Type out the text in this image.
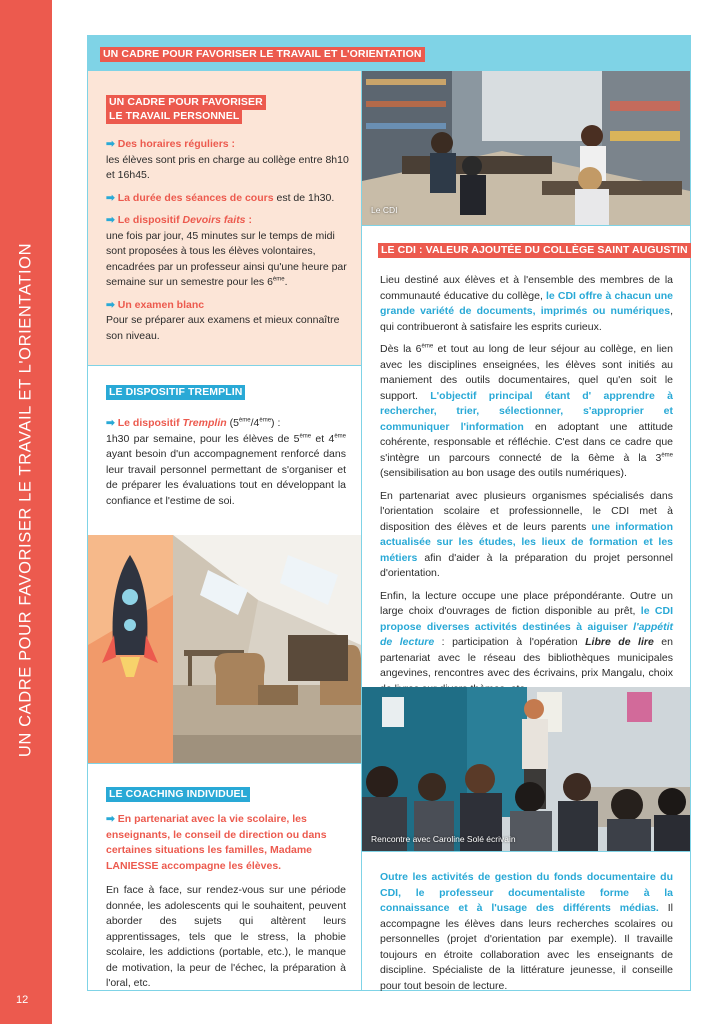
UN CADRE POUR FAVORISER LE TRAVAIL ET L'ORIENTATION
12
UN CADRE POUR FAVORISER LE TRAVAIL ET L'ORIENTATION
UN CADRE POUR FAVORISER
LE TRAVAIL PERSONNEL

➡ Des horaires réguliers :
les élèves sont pris en charge au collège entre 8h10 et 16h45.

➡ La durée des séances de cours est de 1h30.

➡ Le dispositif Devoirs faits :
une fois par jour, 45 minutes sur le temps de midi sont proposées à tous les élèves volontaires, encadrées par un professeur ainsi qu'une heure par semaine sur un semestre pour les 6ème.

➡ Un examen blanc
Pour se préparer aux examens et mieux connaître son niveau.

LE DISPOSITIF TREMPLIN
➡ Le dispositif Tremplin (5ème/4ème) :
1h30 par semaine, pour les élèves de 5ème et 4ème ayant besoin d'un accompagnement renforcé dans leur travail personnel permettant de s'organiser et de préparer les évaluations tout en développant la confiance et l'estime de soi.
LE COACHING INDIVIDUEL
➡ En partenariat avec la vie scolaire, les enseignants, le conseil de direction ou dans certaines situations les familles, Madame LANIESSE accompagne les élèves.
En face à face, sur rendez-vous sur une période donnée, les adolescents qui le souhaitent, peuvent aborder des sujets qui altèrent leurs apprentissages, tels que le stress, la phobie scolaire, les addictions (portable, etc.), le manque de motivation, la peur de l'échec, la préparation à l'oral, etc.
Le CDI
LE CDI : VALEUR AJOUTÉE DU COLLÈGE SAINT AUGUSTIN

Lieu destiné aux élèves et à l'ensemble des membres de la communauté éducative du collège, le CDI offre à chacun une grande variété de documents, imprimés ou numériques, qui contribueront à satisfaire les esprits curieux.

Dès la 6ème et tout au long de leur séjour au collège, en lien avec les disciplines enseignées, les élèves sont initiés au maniement des outils documentaires, quel qu'en soit le support. L'objectif principal étant d' apprendre à rechercher, trier, sélectionner, s'approprier et communiquer l'information en adoptant une attitude cohérente, responsable et réfléchie. C'est dans ce cadre que s'intègre un parcours connecté de la 6ème à la 3ème (sensibilisation au bon usage des outils numériques).

En partenariat avec plusieurs organismes spécialisés dans l'orientation scolaire et professionnelle, le CDI met à disposition des élèves et de leurs parents une information actualisée sur les études, les lieux de formation et les métiers afin d'aider à la préparation du projet personnel d'orientation.

Enfin, la lecture occupe une place prépondérante. Outre un large choix d'ouvrages de fiction disponible au prêt, le CDI propose diverses activités destinées à aiguiser l'appétit de lecture : participation à l'opération Libre de lire en partenariat avec le réseau des bibliothèques municipales angevines, rencontres avec des écrivains, prix Mangalu, choix

Rencontre avec Caroline Solé écrivain
Outre les activités de gestion du fonds documentaire du CDI, le professeur documentaliste forme à la connaissance et à l'usage des différents médias. Il accompagne les élèves dans leurs recherches scolaires ou personnelles (projet d'orientation par exemple). Il travaille toujours en étroite collaboration avec les enseignants de discipline. Spécialiste de la littérature jeunesse, il conseille pour tout besoin de lecture.
